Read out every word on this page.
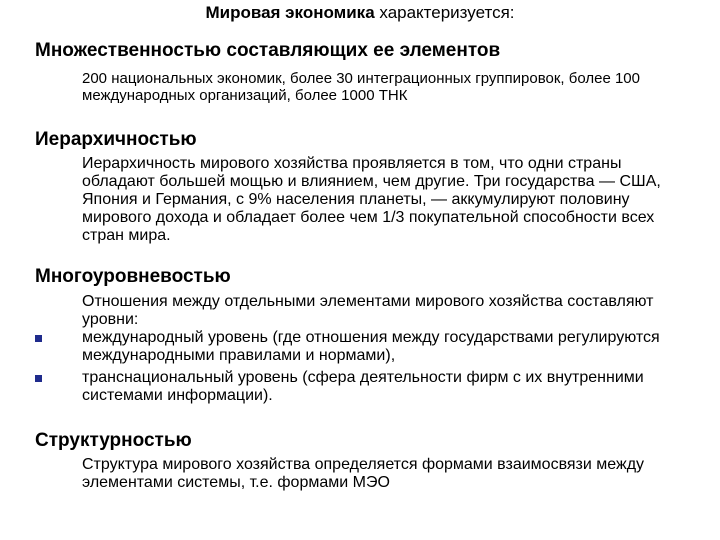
Мировая экономика характеризуется:
Множественностью составляющих ее элементов
200 национальных экономик, более 30 интеграционных группировок, более 100 международных организаций, более 1000 ТНК
Иерархичностью
Иерархичность мирового хозяйства проявляется в том, что одни страны обладают большей мощью и влиянием, чем другие. Три государства — США, Япония и Германия, с 9% населения планеты, — аккумулируют половину мирового дохода и обладает более чем 1/3 покупательной способности всех стран мира.
Многоуровневостью
Отношения между отдельными элементами мирового хозяйства составляют уровни:
международный уровень (где отношения между государствами регулируются международными правилами и нормами),
транснациональный уровень (сфера деятельности фирм с их внутренними системами информации).
Структурностью
Структура мирового хозяйства определяется формами взаимосвязи между элементами системы, т.е. формами МЭО
